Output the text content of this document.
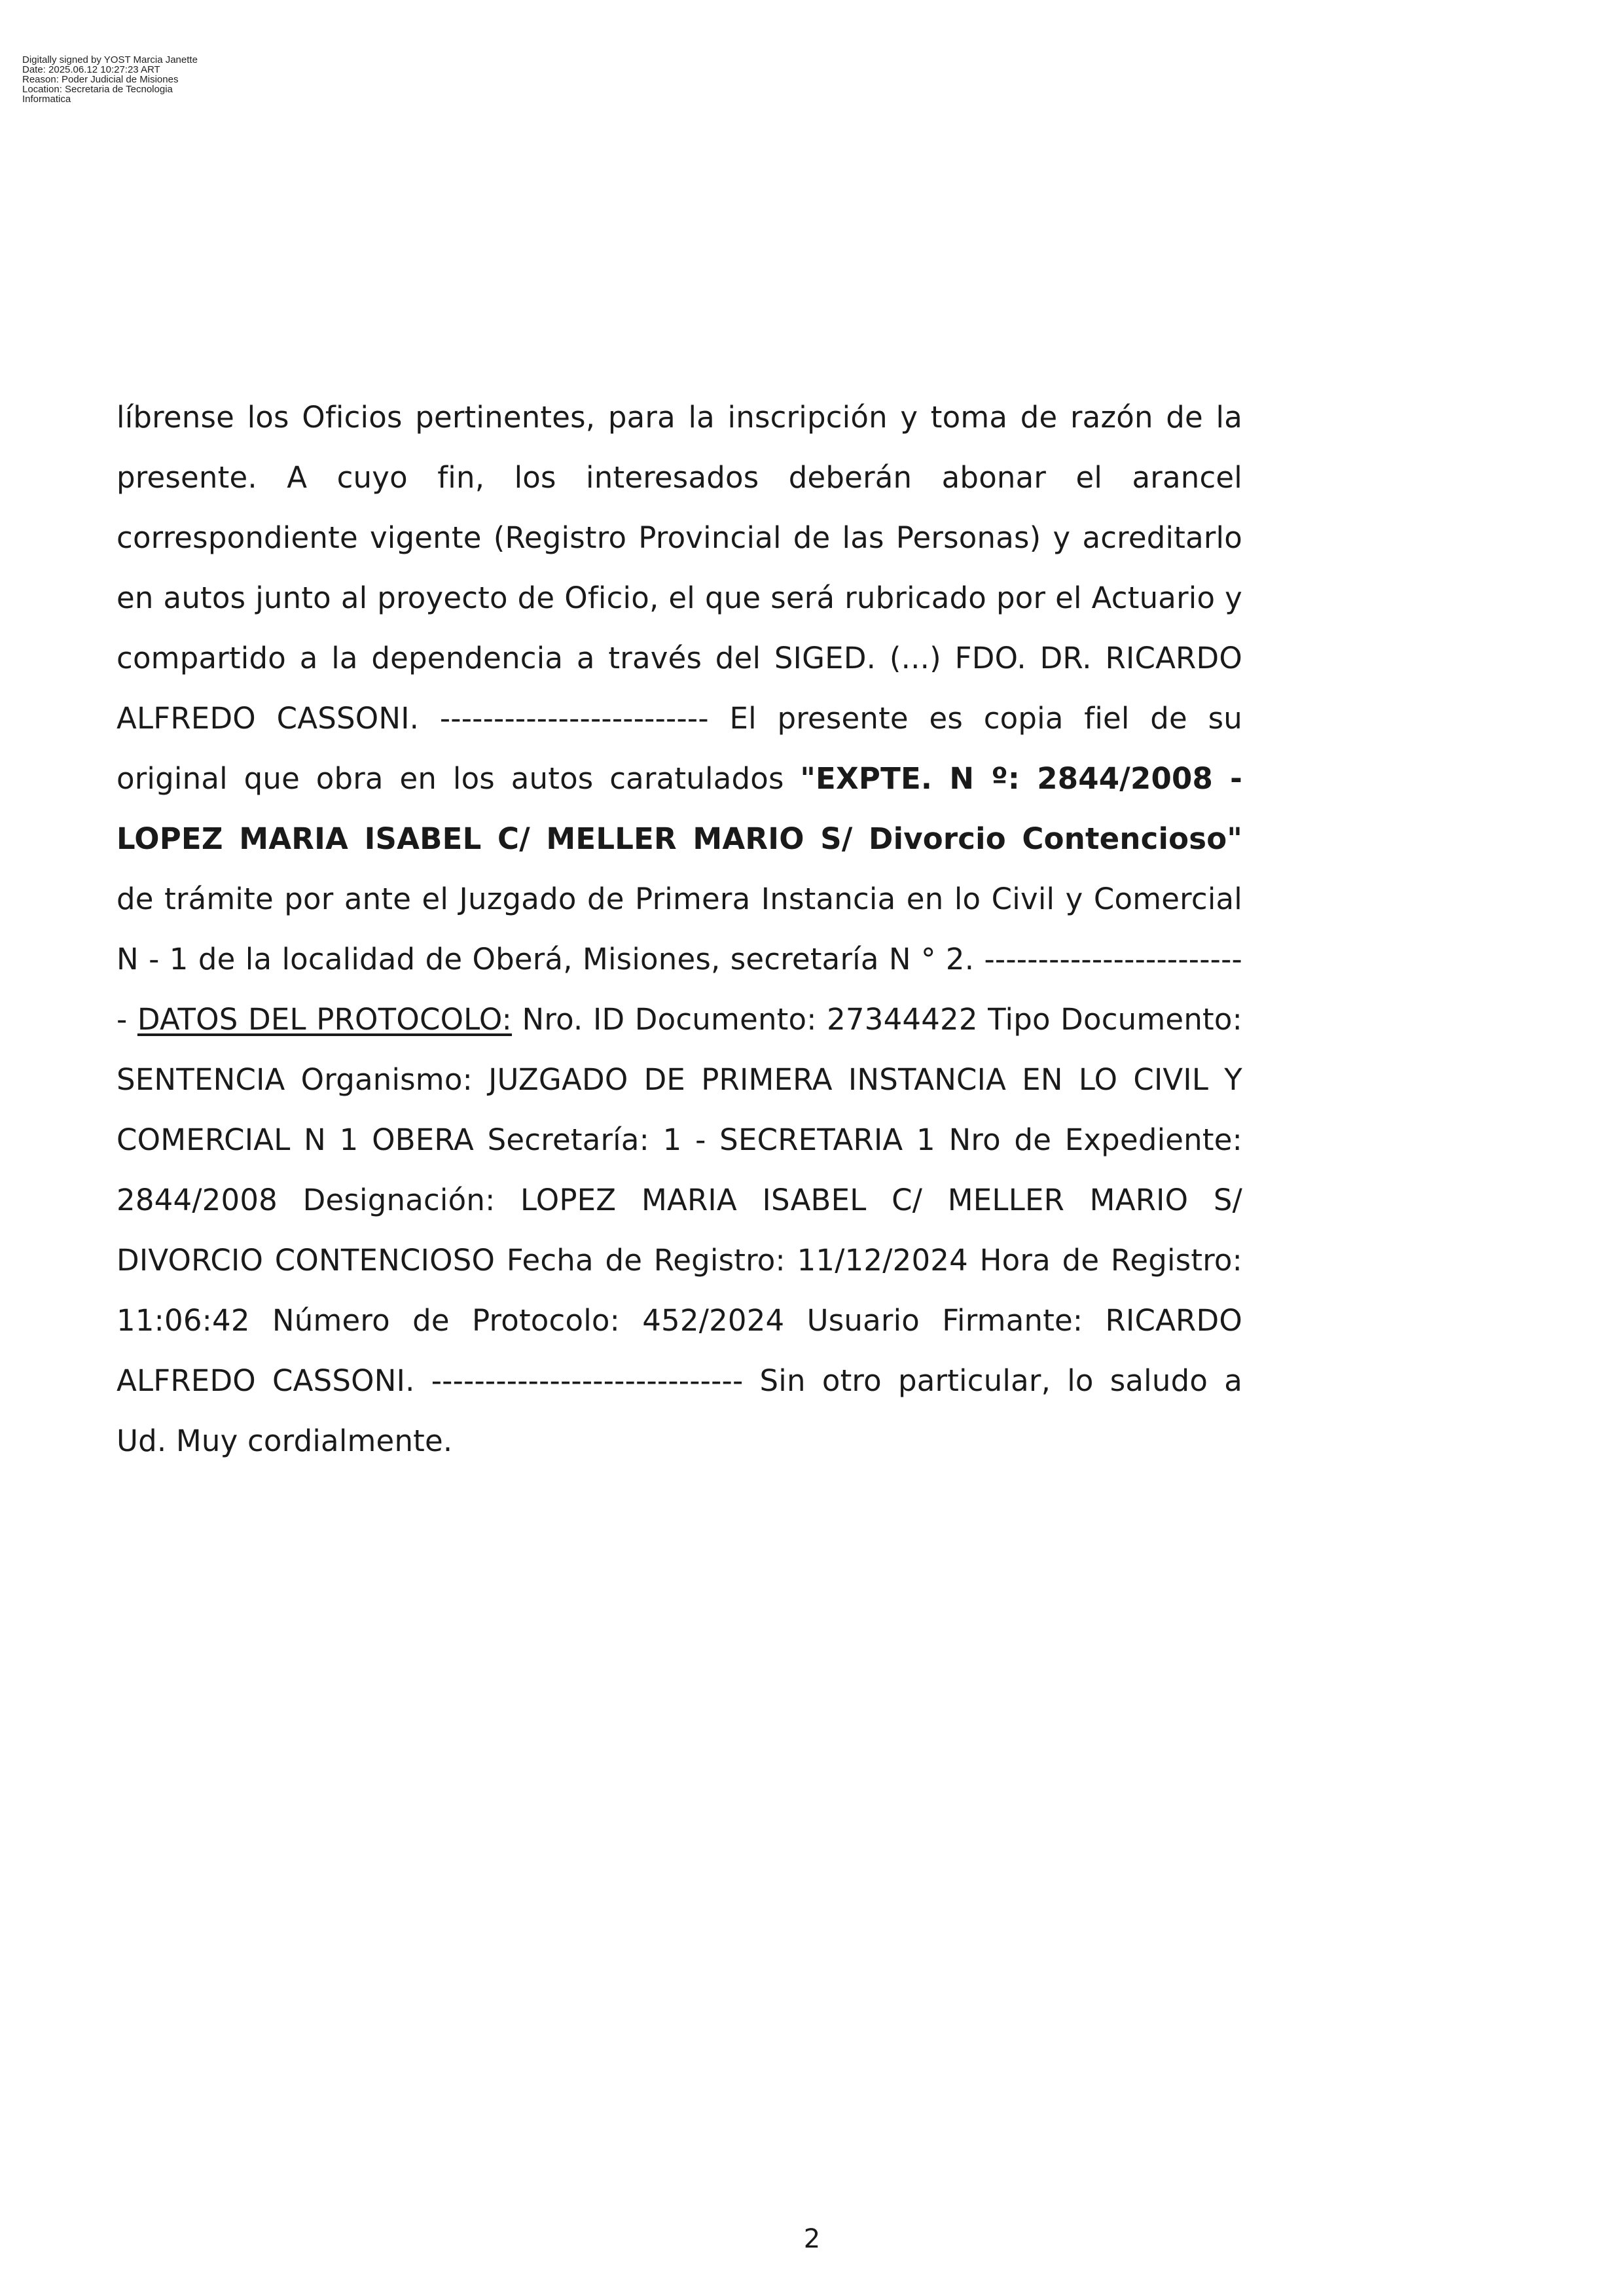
Digitally signed by YOST Marcia Janette
Date: 2025.06.12 10:27:23 ART
Reason: Poder Judicial de Misiones
Location: Secretaria de Tecnologia
Informatica

líbrense los Oficios pertinentes, para la inscripción y toma de razón de la presente. A cuyo fin, los interesados deberán abonar el arancel correspondiente vigente (Registro Provincial de las Personas) y acreditarlo en autos junto al proyecto de Oficio, el que será rubricado por el Actuario y compartido a la dependencia a través del SIGED. (...) FDO. DR. RICARDO ALFREDO CASSONI. ------------------------- El presente es copia fiel de su original que obra en los autos caratulados "EXPTE. N º: 2844/2008 - LOPEZ MARIA ISABEL C/ MELLER MARIO S/ Divorcio Contencioso" de trámite por ante el Juzgado de Primera Instancia en lo Civil y Comercial N - 1 de la localidad de Oberá, Misiones, secretaría N ° 2. ------------------------- DATOS DEL PROTOCOLO: Nro. ID Documento: 27344422 Tipo Documento: SENTENCIA Organismo: JUZGADO DE PRIMERA INSTANCIA EN LO CIVIL Y COMERCIAL N 1 OBERA Secretaría: 1 - SECRETARIA 1 Nro de Expediente: 2844/2008 Designación: LOPEZ MARIA ISABEL C/ MELLER MARIO S/ DIVORCIO CONTENCIOSO Fecha de Registro: 11/12/2024 Hora de Registro: 11:06:42 Número de Protocolo: 452/2024 Usuario Firmante: RICARDO ALFREDO CASSONI. ----------------------------- Sin otro particular, lo saludo a Ud. Muy cordialmente.

2
